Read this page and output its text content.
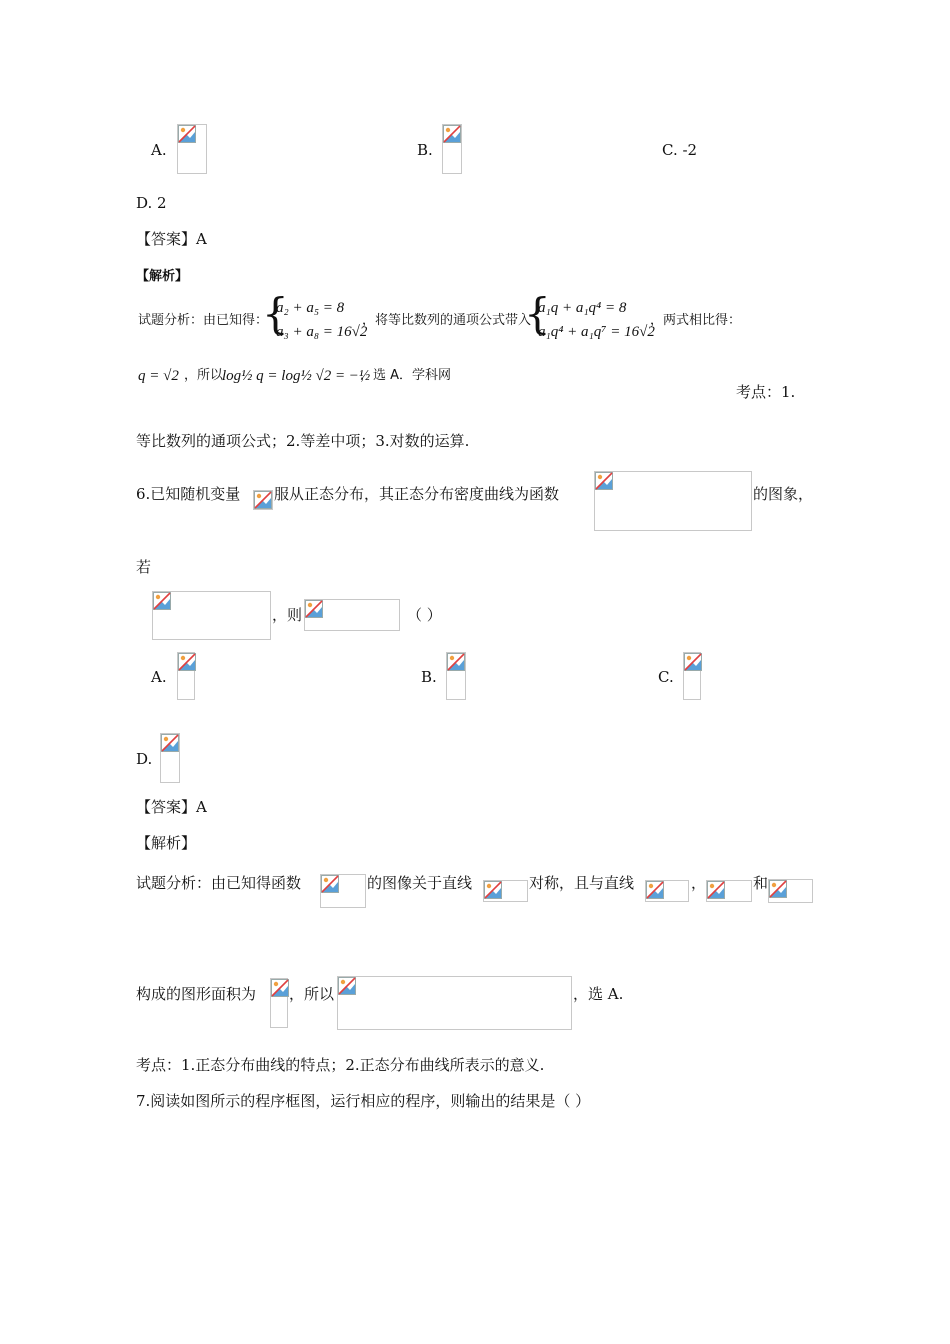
A.	B.	C. -2
D. 2
【答案】A
【解析】
试题分析：由已知得：
{
a₂ + a₅ = 8
a₃ + a₈ = 16√2
，将等比数列的通项公式带入
{
a₁q + a₁q⁴ = 8
a₁q⁴ + a₁q⁷ = 16√2
，两式相比得：
q = √2 ，所以
log½ q = log½ √2 = −½
，选 A．学科网
考点：1.
等比数列的通项公式；2.等差中项；3.对数的运算.
6.已知随机变量 服从正态分布，其正态分布密度曲线为函数	的图象，
若
，则	（ ）
A.	B.	C.
D.
【答案】A
【解析】
试题分析：由已知得函数	的图像关于直线	对称，且与直线	，	和
构成的图形面积为 ，所以	，选 A.
考点：1.正态分布曲线的特点；2.正态分布曲线所表示的意义.
7.阅读如图所示的程序框图，运行相应的程序，则输出的结果是（ ）
